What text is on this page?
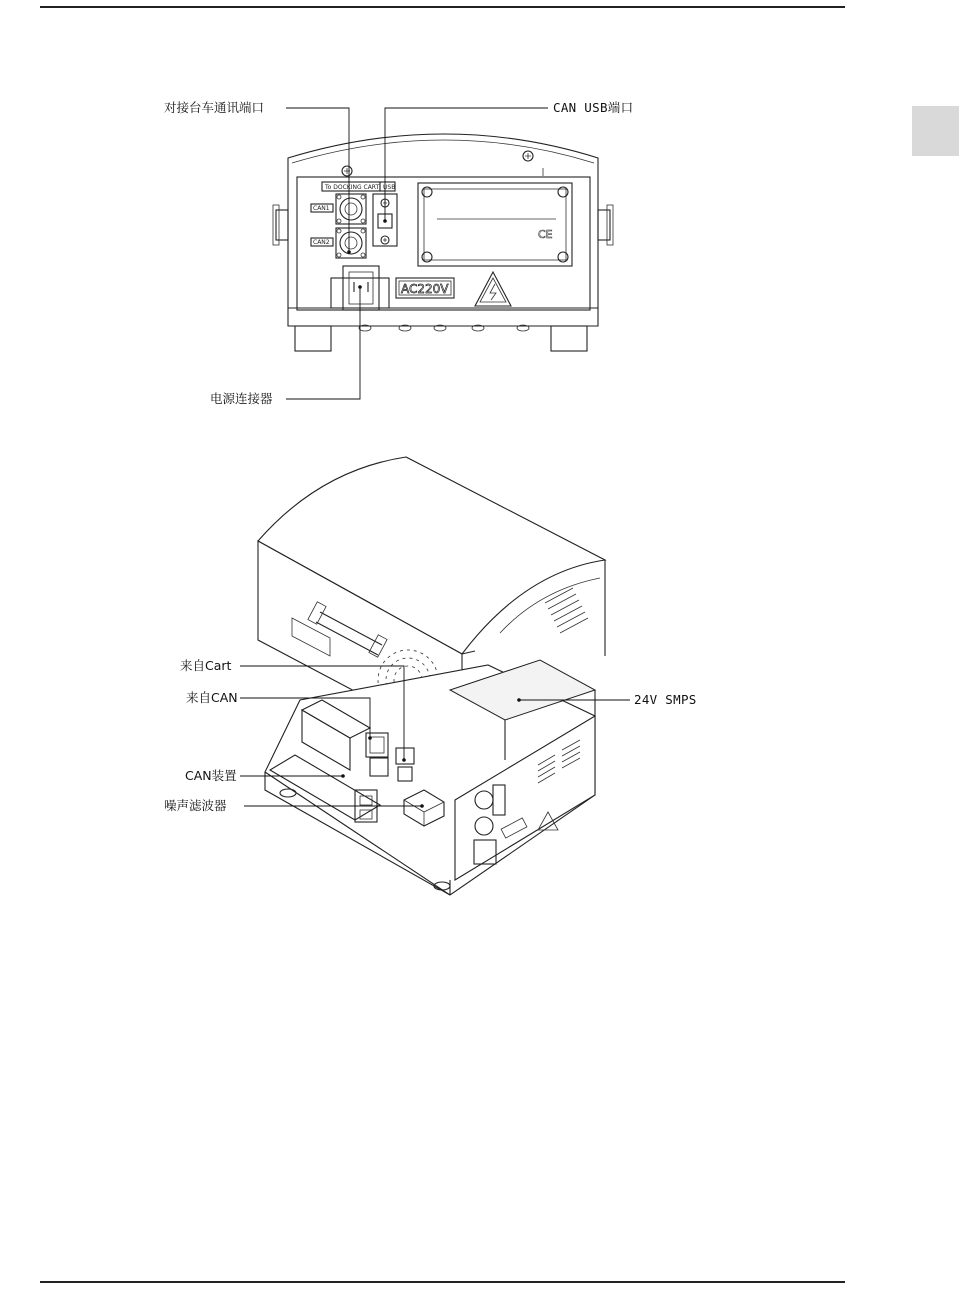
To DOCKING CART USB
CAN1
CAN2
CE
AC220V
对接台车通讯端口	CAN USB端口
电源连接器
来自Cart
来自CAN
CAN装置
噪声滤波器
24V SMPS
